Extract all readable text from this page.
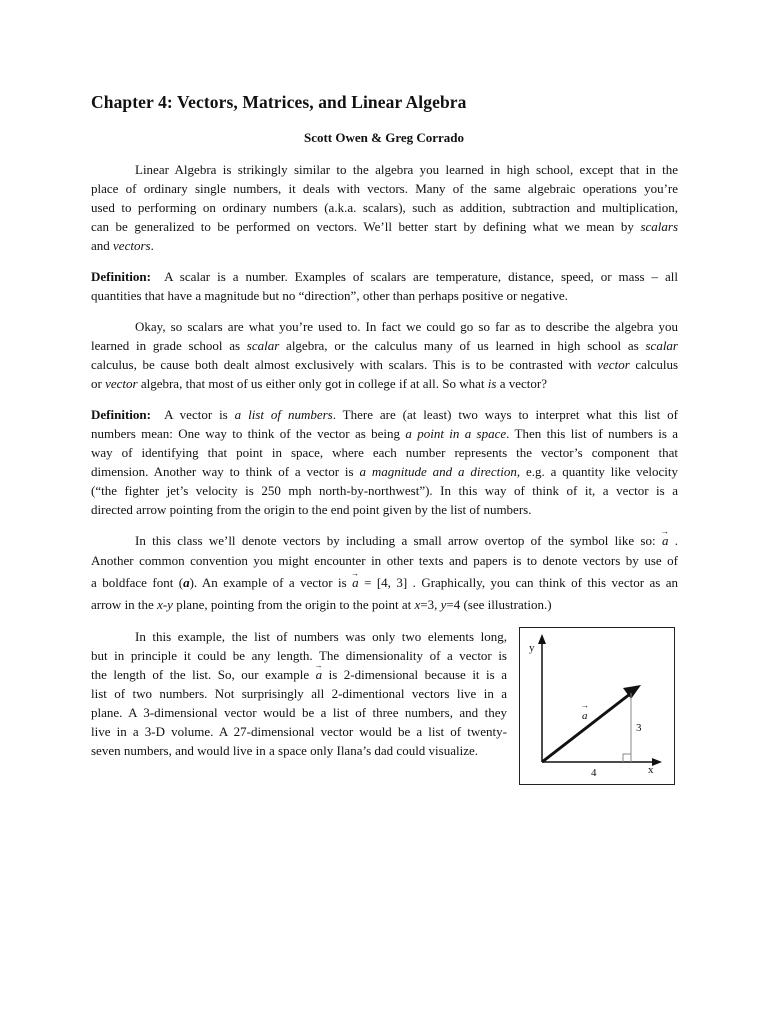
Chapter 4: Vectors, Matrices, and Linear Algebra
Scott Owen & Greg Corrado
Linear Algebra is strikingly similar to the algebra you learned in high school, except that in the
place of ordinary single numbers, it deals with vectors. Many of the same algebraic operations you’re
used to performing on ordinary numbers (a.k.a. scalars), such as addition, subtraction and multiplication,
can be generalized to be performed on vectors. We’ll better start by defining what we mean by scalars
and vectors.
Definition: A scalar is a number. Examples of scalars are temperature, distance, speed, or mass – all
quantities that have a magnitude but no “direction”, other than perhaps positive or negative.
Okay, so scalars are what you’re used to. In fact we could go so far as to describe the algebra you
learned in grade school as scalar algebra, or the calculus many of us learned in high school as scalar
calculus, be cause both dealt almost exclusively with scalars. This is to be contrasted with vector calculus
or vector algebra, that most of us either only got in college if at all. So what is a vector?
Definition: A vector is a list of numbers. There are (at least) two ways to interpret what this list of
numbers mean: One way to think of the vector as being a point in a space. Then this list of numbers is a
way of identifying that point in space, where each number represents the vector’s component that
dimension. Another way to think of a vector is a magnitude and a direction, e.g. a quantity like velocity
(“the fighter jet’s velocity is 250 mph north-by-northwest”). In this way of think of it, a vector is a
directed arrow pointing from the origin to the end point given by the list of numbers.
In this class we’ll denote vectors by including a small arrow overtop of the symbol like so: → a .
Another common convention you might encounter in other texts and papers is to denote vectors by use of
a boldface font (a). An example of a vector is → a = [4, 3] . Graphically, you can think of this vector as an
arrow in the x-y plane, pointing from the origin to the point at x=3, y=4 (see illustration.)
In this example, the list of numbers was only two elements long,
but in principle it could be any length. The dimensionality of a vector is
the length of the list. So, our example → a is 2-dimensional because it is a
list of two numbers. Not surprisingly all 2-dimentional vectors live in a
plane. A 3-dimensional vector would be a list of three numbers, and they
live in a 3-D volume. A 27-dimensional vector would be a list of twenty-
seven numbers, and would live in a space only Ilana’s dad could visualize.
y
x
→ a
3
4
